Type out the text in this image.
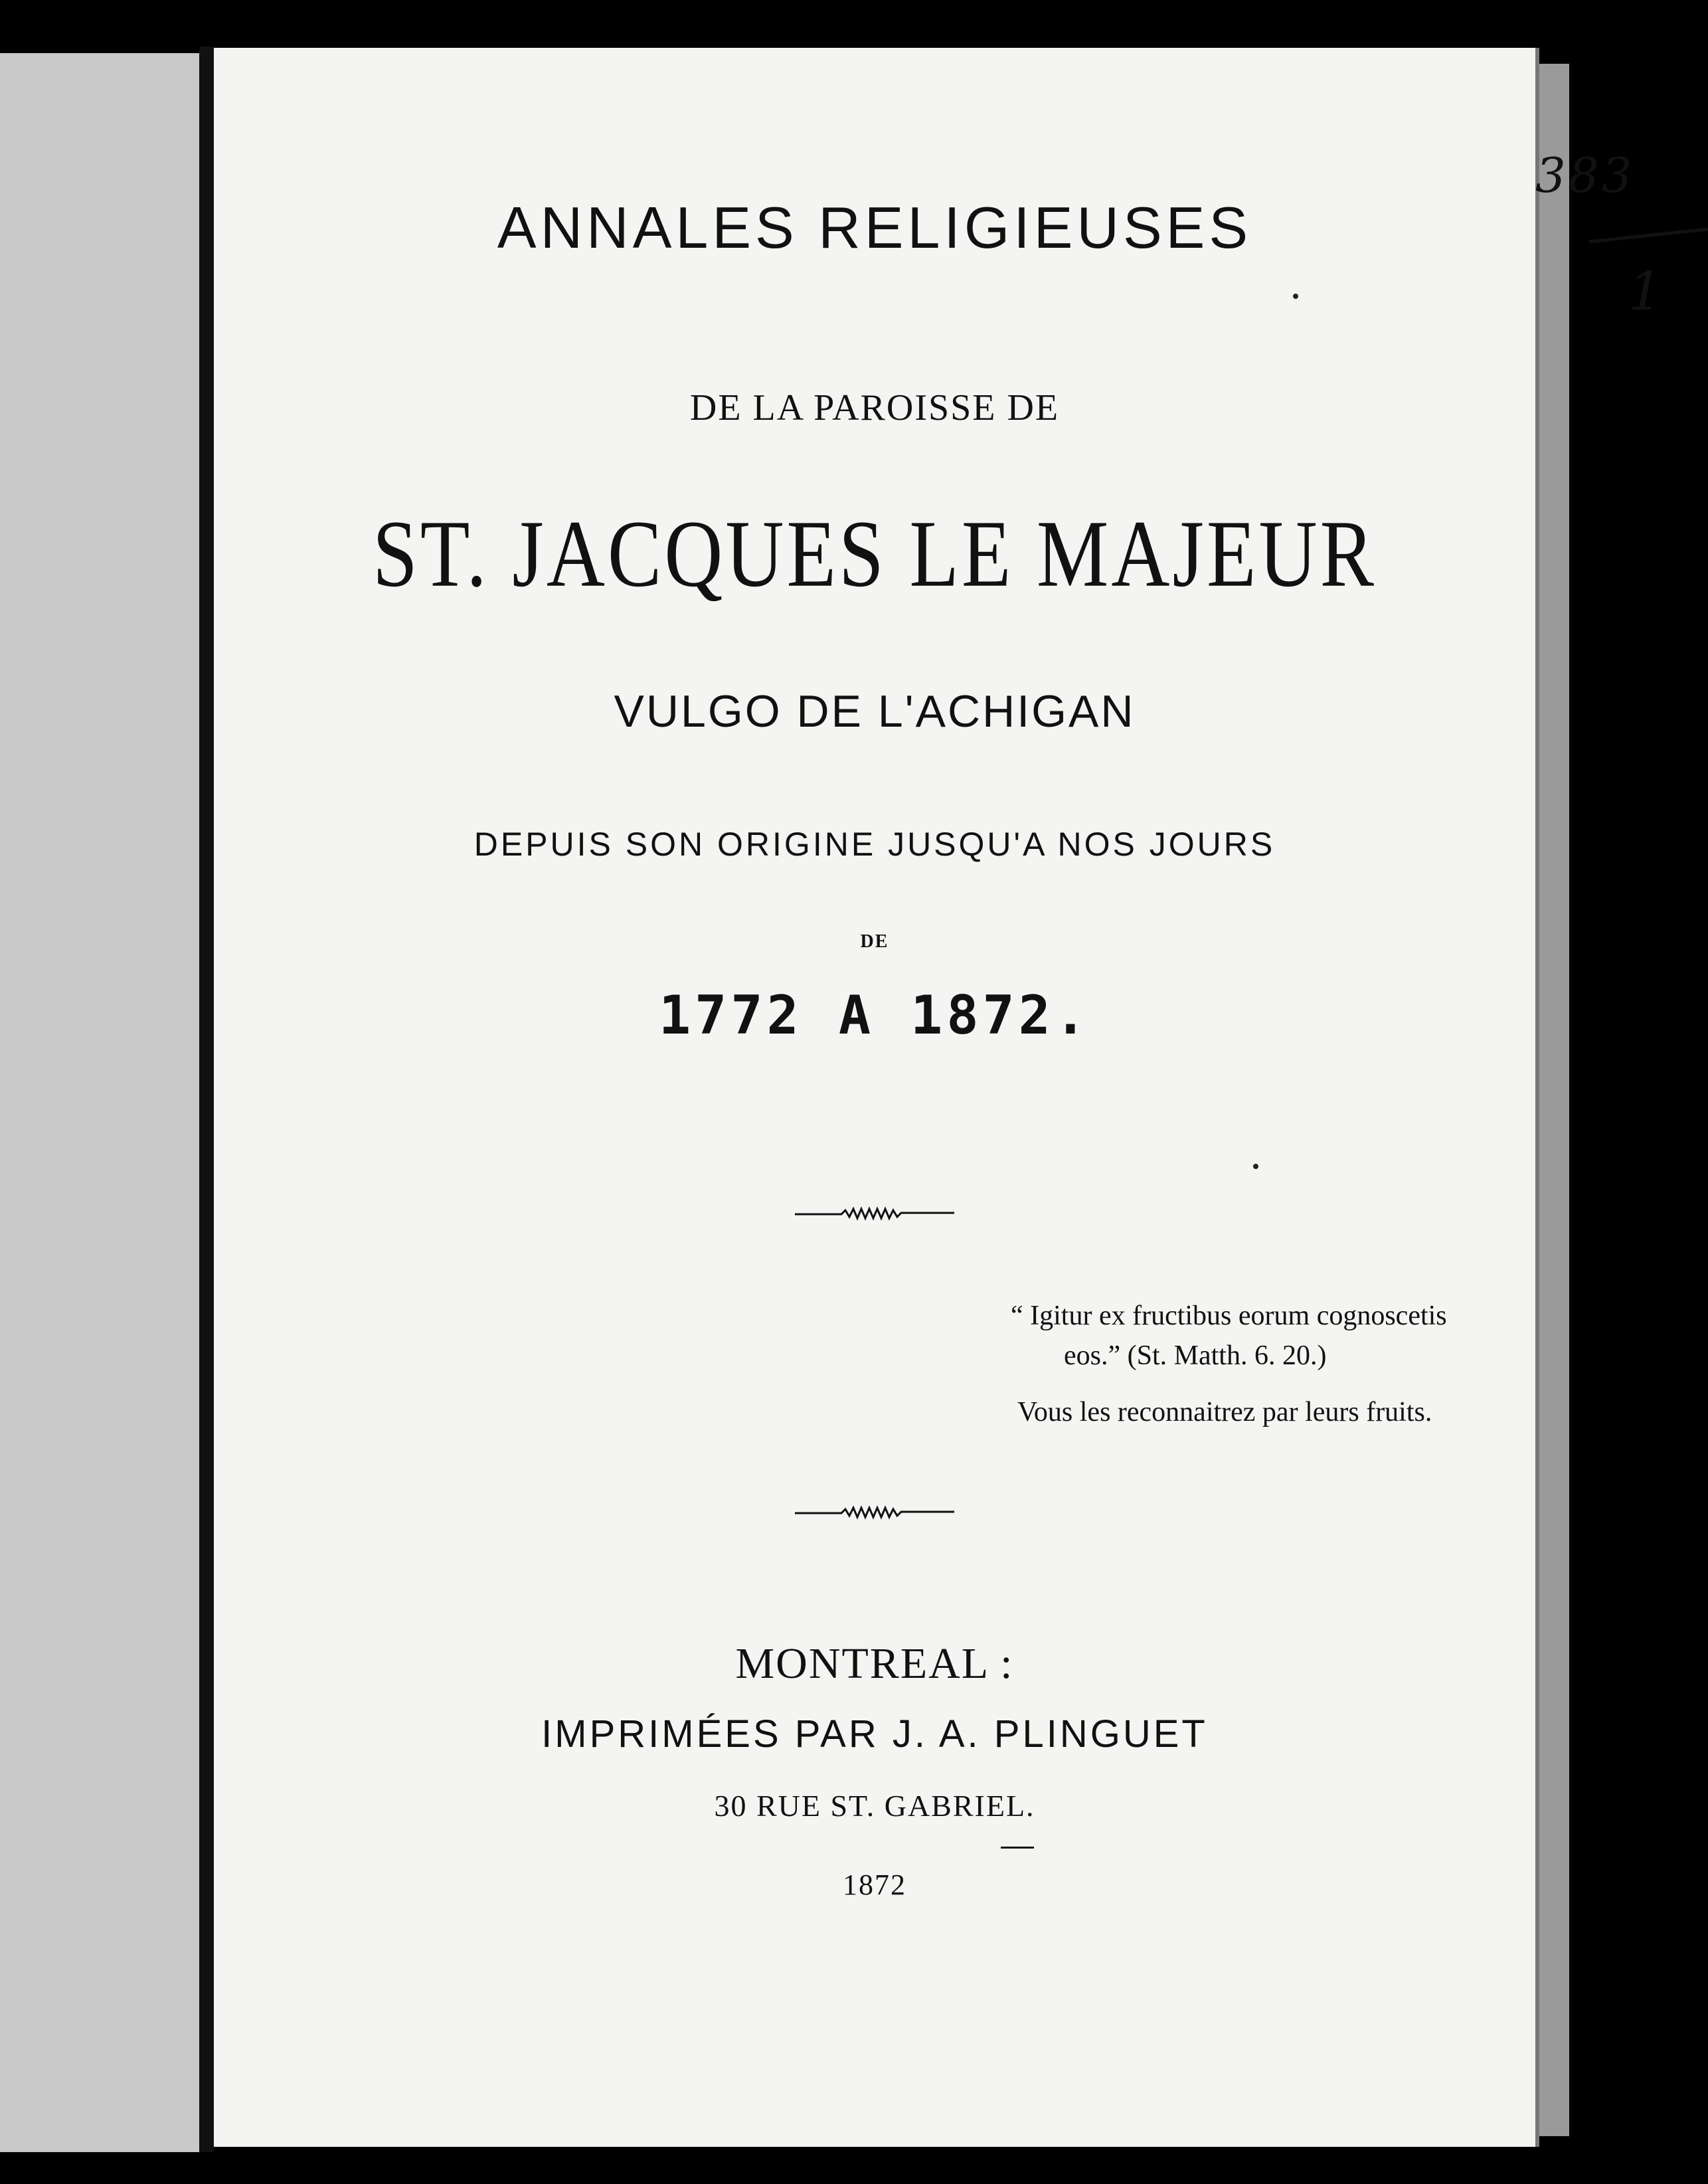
ANNALES RELIGIEUSES
DE LA PAROISSE DE
ST. JACQUES LE MAJEUR
VULGO DE L'ACHIGAN
DEPUIS SON ORIGINE JUSQU'A NOS JOURS
DE
1772 A 1872.
“ Igitur ex fructibus eorum cognoscetis
eos.” (St. Matth. 6. 20.)
Vous les reconnaitrez par leurs fruits.
MONTREAL :
IMPRIMÉES PAR J. A. PLINGUET
30 RUE ST. GABRIEL.
1872
383
1
